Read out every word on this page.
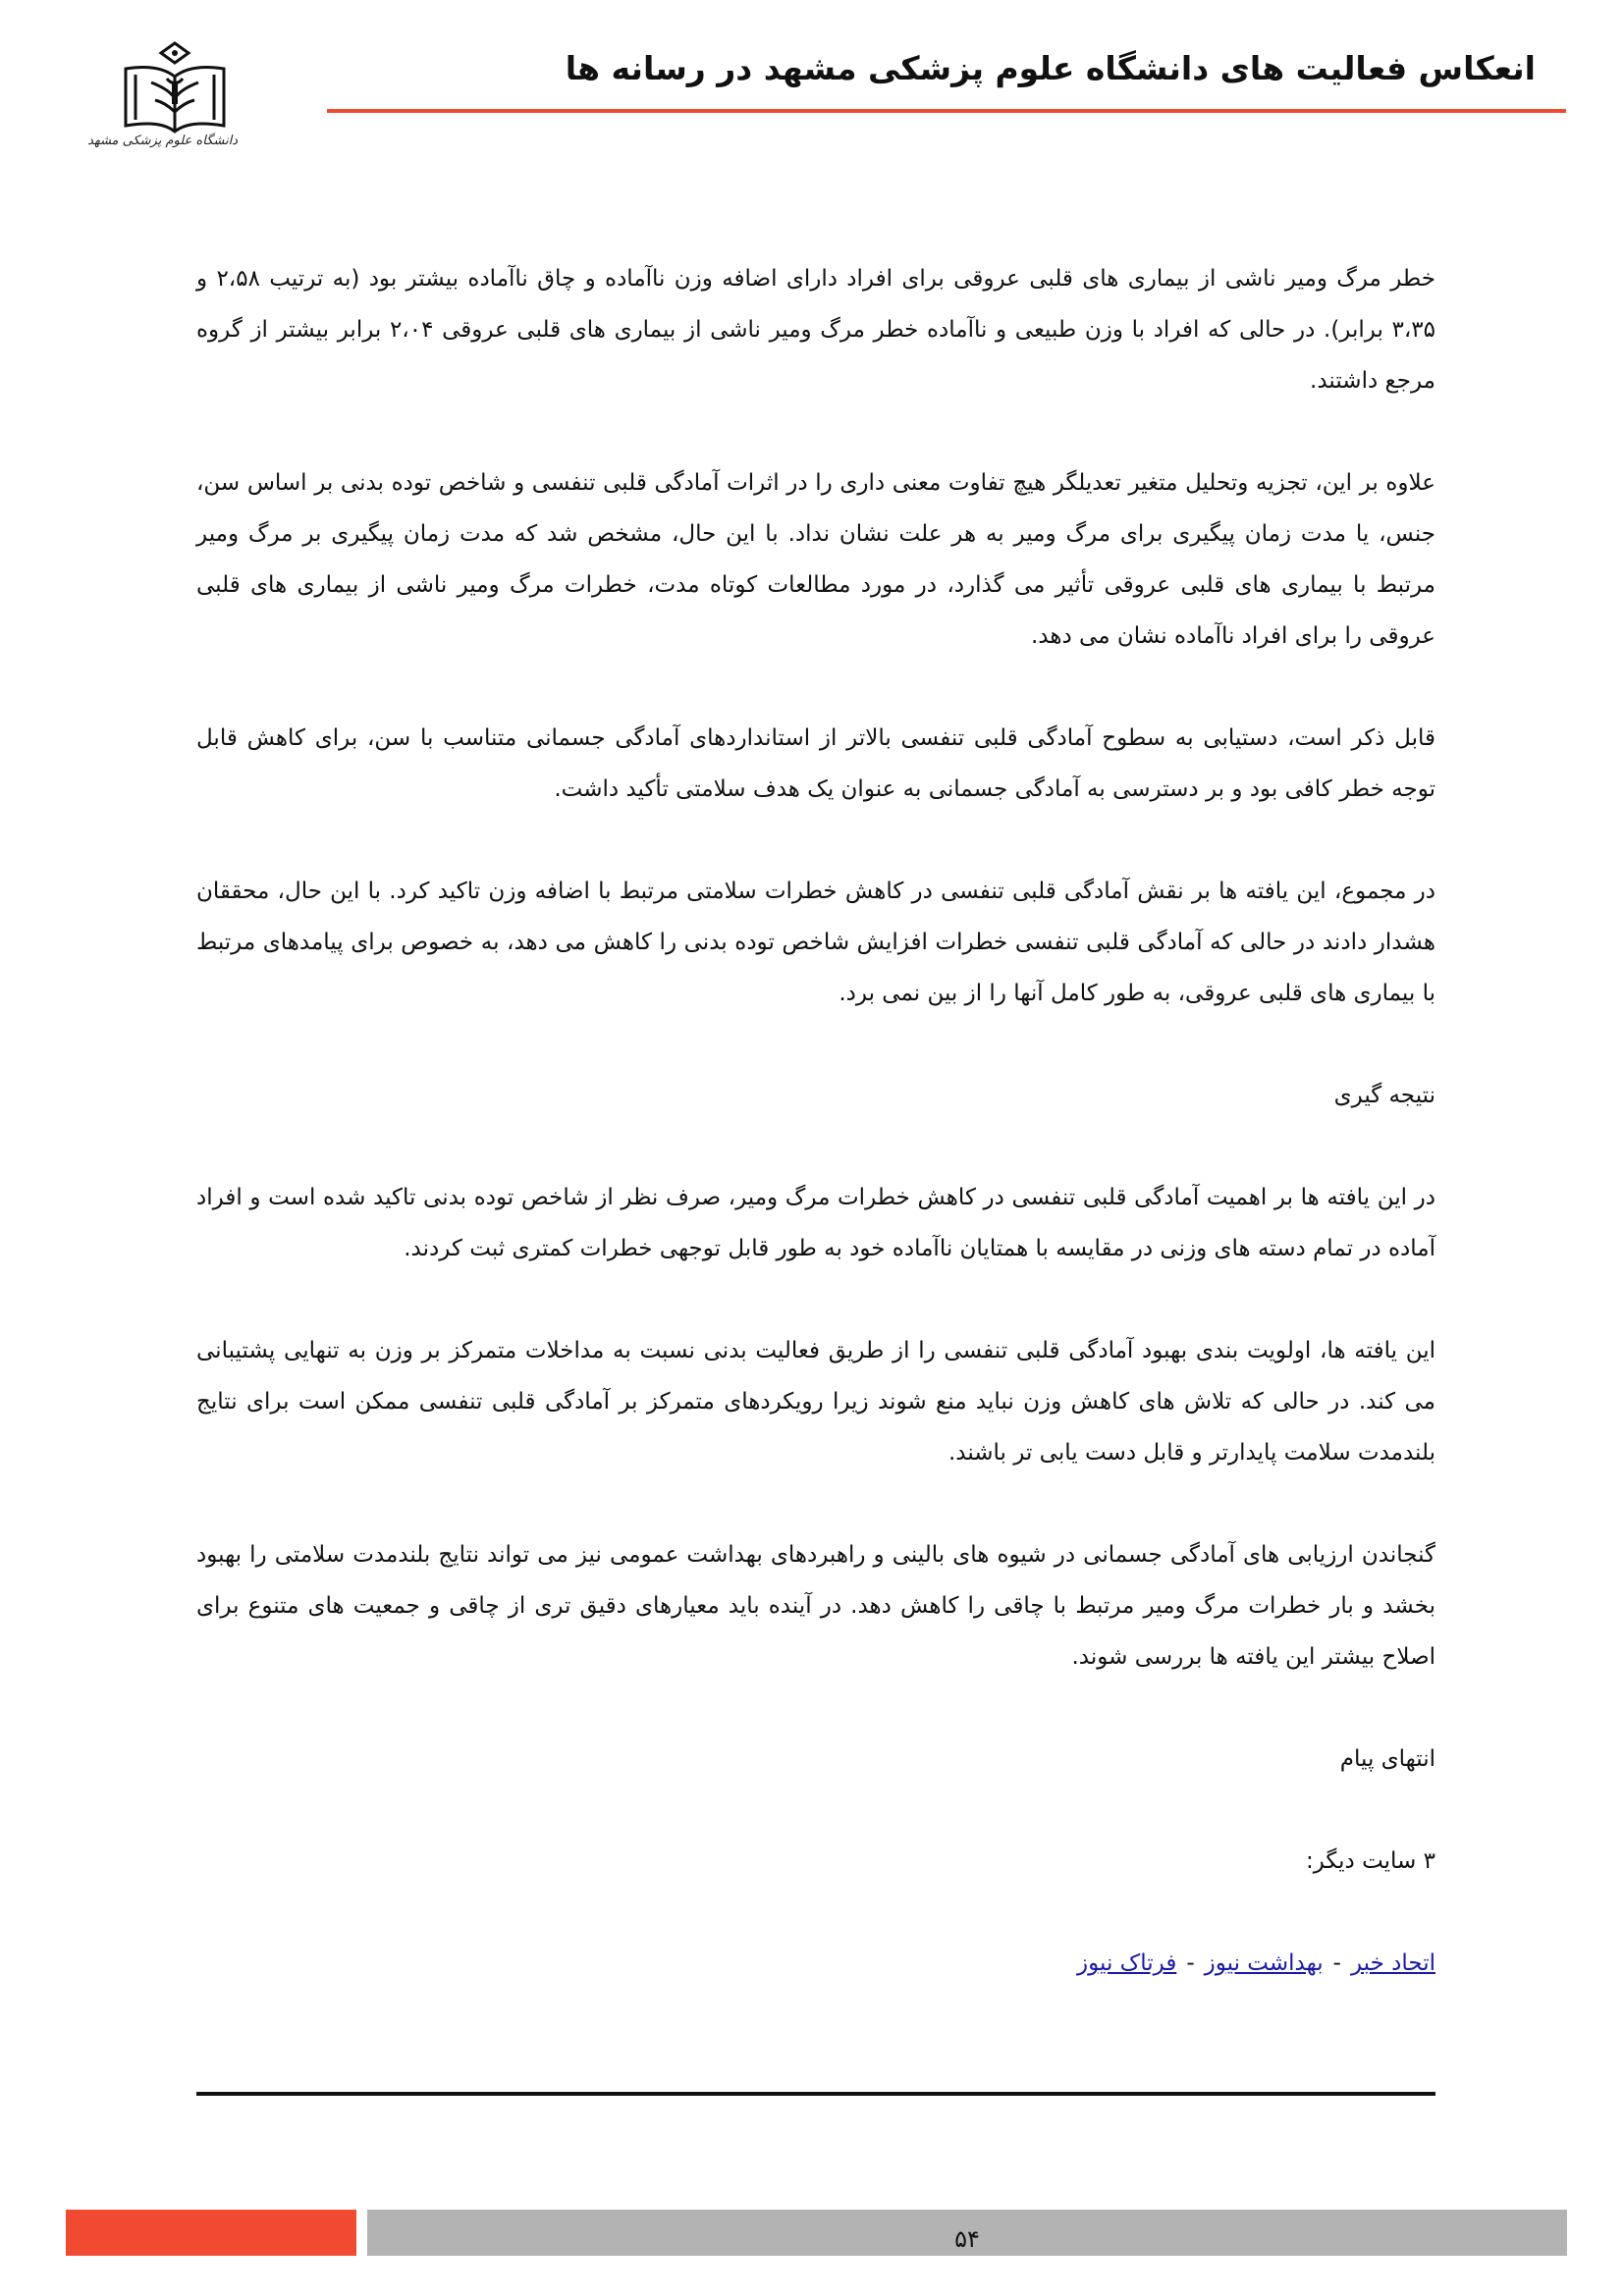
انعکاس فعالیت های دانشگاه علوم پزشکی مشهد در رسانه ها
دانشگاه علوم پزشکی مشهد

خطر مرگ ومیر ناشی از بیماری های قلبی عروقی برای افراد دارای اضافه وزن ناآماده و چاق ناآماده بیشتر بود (به ترتیب ۲،۵۸ و ۳،۳۵ برابر). در حالی که افراد با وزن طبیعی و ناآماده خطر مرگ ومیر ناشی از بیماری های قلبی عروقی ۲،۰۴ برابر بیشتر از گروه مرجع داشتند.

علاوه بر این، تجزیه وتحلیل متغیر تعدیلگر هیچ تفاوت معنی داری را در اثرات آمادگی قلبی تنفسی و شاخص توده بدنی بر اساس سن، جنس، یا مدت زمان پیگیری برای مرگ ومیر به هر علت نشان نداد. با این حال، مشخص شد که مدت زمان پیگیری بر مرگ ومیر مرتبط با بیماری های قلبی عروقی تأثیر می گذارد، در مورد مطالعات کوتاه مدت، خطرات مرگ ومیر ناشی از بیماری های قلبی عروقی را برای افراد ناآماده نشان می دهد.

قابل ذکر است، دستیابی به سطوح آمادگی قلبی تنفسی بالاتر از استانداردهای آمادگی جسمانی متناسب با سن، برای کاهش قابل توجه خطر کافی بود و بر دسترسی به آمادگی جسمانی به عنوان یک هدف سلامتی تأکید داشت.

در مجموع، این یافته ها بر نقش آمادگی قلبی تنفسی در کاهش خطرات سلامتی مرتبط با اضافه وزن تاکید کرد. با این حال، محققان هشدار دادند در حالی که آمادگی قلبی تنفسی خطرات افزایش شاخص توده بدنی را کاهش می دهد، به خصوص برای پیامدهای مرتبط با بیماری های قلبی عروقی، به طور کامل آنها را از بین نمی برد.

نتیجه گیری

در این یافته ها بر اهمیت آمادگی قلبی تنفسی در کاهش خطرات مرگ ومیر، صرف نظر از شاخص توده بدنی تاکید شده است و افراد آماده در تمام دسته های وزنی در مقایسه با همتایان ناآماده خود به طور قابل توجهی خطرات کمتری ثبت کردند.

این یافته ها، اولویت بندی بهبود آمادگی قلبی تنفسی را از طریق فعالیت بدنی نسبت به مداخلات متمرکز بر وزن به تنهایی پشتیبانی می کند. در حالی که تلاش های کاهش وزن نباید منع شوند زیرا رویکردهای متمرکز بر آمادگی قلبی تنفسی ممکن است برای نتایج بلندمدت سلامت پایدارتر و قابل دست یابی تر باشند.

گنجاندن ارزیابی های آمادگی جسمانی در شیوه های بالینی و راهبردهای بهداشت عمومی نیز می تواند نتایج بلندمدت سلامتی را بهبود بخشد و بار خطرات مرگ ومیر مرتبط با چاقی را کاهش دهد. در آینده باید معیارهای دقیق تری از چاقی و جمعیت های متنوع برای اصلاح بیشتر این یافته ها بررسی شوند.

انتهای پیام

۳ سایت دیگر:

اتحاد خبر-بهداشت نیوز-فرتاک نیوز

۵۴
